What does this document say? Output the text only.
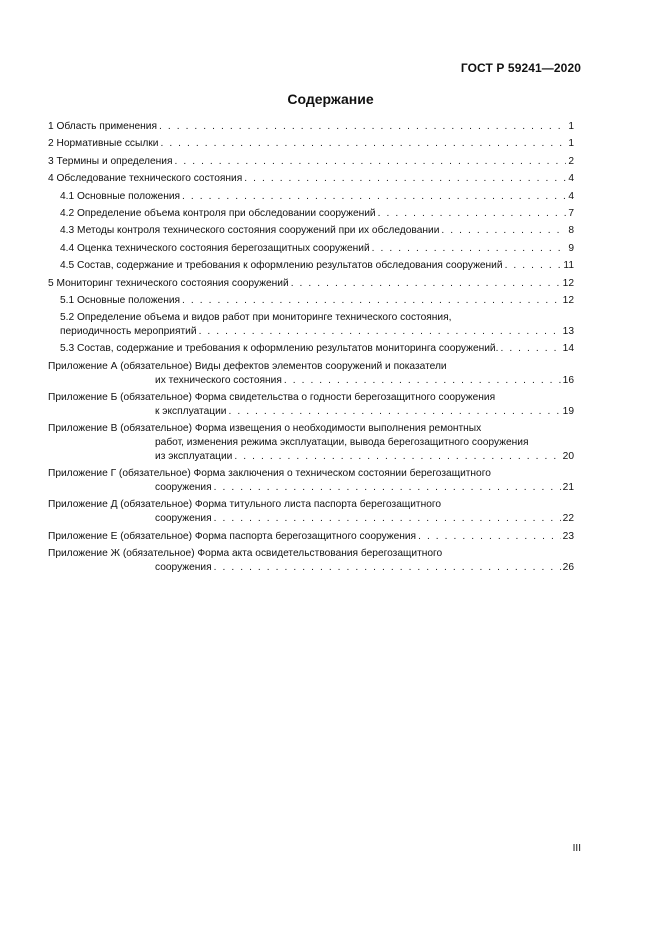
ГОСТ Р 59241—2020
Содержание
1 Область применения . . .	1
2 Нормативные ссылки . . .	1
3 Термины и определения . . .	2
4 Обследование технического состояния . . .	4
4.1 Основные положения . . .	4
4.2 Определение объема контроля при обследовании сооружений . . .	7
4.3 Методы контроля технического состояния сооружений при их обследовании . . .	8
4.4 Оценка технического состояния берегозащитных сооружений . . .	9
4.5 Состав, содержание и требования к оформлению результатов обследования сооружений . . .	11
5 Мониторинг технического состояния сооружений . . .	12
5.1 Основные положения . . .	12
5.2 Определение объема и видов работ при мониторинге технического состояния,
периодичность мероприятий . . .	13
5.3 Состав, содержание и требования к оформлению результатов мониторинга сооружений. . . .	14
Приложение А (обязательное) Виды дефектов элементов сооружений и показатели
их технического состояния . . .	16
Приложение Б (обязательное) Форма свидетельства о годности берегозащитного сооружения
к эксплуатации . . .	19
Приложение В (обязательное) Форма извещения о необходимости выполнения ремонтных
работ, изменения режима эксплуатации, вывода берегозащитного сооружения
из эксплуатации . . .	20
Приложение Г (обязательное) Форма заключения о техническом состоянии берегозащитного
сооружения . . .	21
Приложение Д (обязательное) Форма титульного листа паспорта берегозащитного
сооружения . . .	22
Приложение Е (обязательное) Форма паспорта берегозащитного сооружения . . .	23
Приложение Ж (обязательное) Форма акта освидетельствования берегозащитного
сооружения . . .	26
III
